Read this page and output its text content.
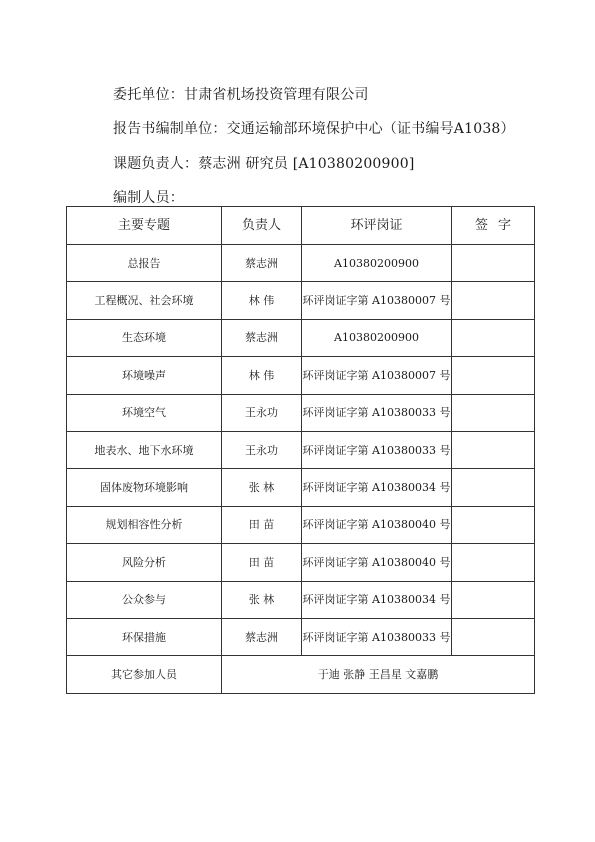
委托单位：甘肃省机场投资管理有限公司
报告书编制单位：交通运输部环境保护中心（证书编号A1038）
课题负责人：蔡志洲 研究员 [A10380200900]
编制人员：
主要专题	负责人	环评岗证	签字
总报告	蔡志洲	A10380200900	
工程概况、社会环境	林 伟	环评岗证字第 A10380007 号	
生态环境	蔡志洲	A10380200900	
环境噪声	林 伟	环评岗证字第 A10380007 号	
环境空气	王永功	环评岗证字第 A10380033 号	
地表水、地下水环境	王永功	环评岗证字第 A10380033 号	
固体废物环境影响	张 林	环评岗证字第 A10380034 号	
规划相容性分析	田 苗	环评岗证字第 A10380040 号	
风险分析	田 苗	环评岗证字第 A10380040 号	
公众参与	张 林	环评岗证字第 A10380034 号	
环保措施	蔡志洲	环评岗证字第 A10380033 号	
其它参加人员	于迪 张静 王昌星 文嘉鹏		
